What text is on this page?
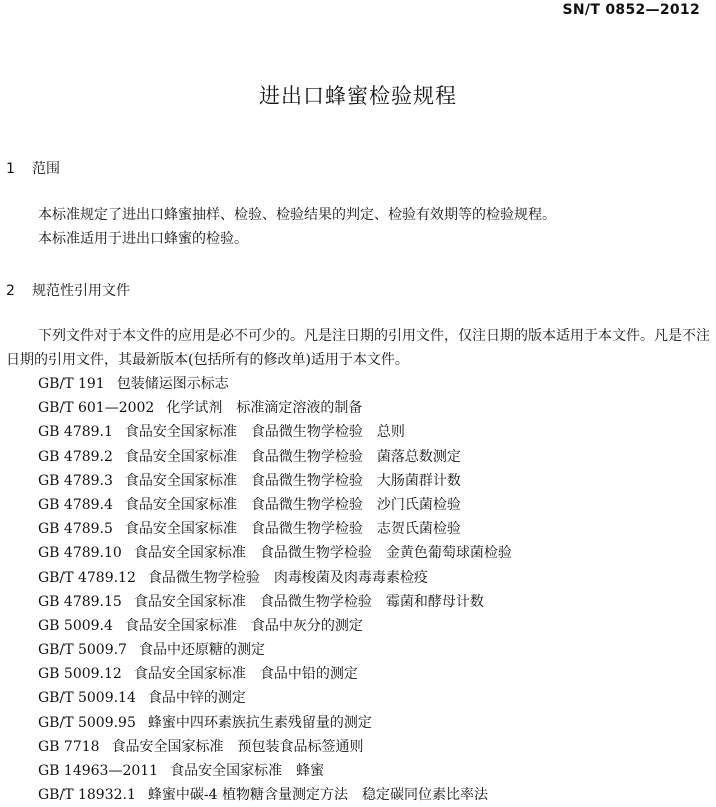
SN/T 0852—2012
进出口蜂蜜检验规程
1 范围
本标准规定了进出口蜂蜜抽样、检验、检验结果的判定、检验有效期等的检验规程。
本标准适用于进出口蜂蜜的检验。
2 规范性引用文件
下列文件对于本文件的应用是必不可少的。凡是注日期的引用文件，仅注日期的版本适用于本文件。凡是不注日期的引用文件，其最新版本(包括所有的修改单)适用于本文件。
GB/T 191 包装储运图示标志
GB/T 601—2002 化学试剂　标准滴定溶液的制备
GB 4789.1 食品安全国家标准　食品微生物学检验　总则
GB 4789.2 食品安全国家标准　食品微生物学检验　菌落总数测定
GB 4789.3 食品安全国家标准　食品微生物学检验　大肠菌群计数
GB 4789.4 食品安全国家标准　食品微生物学检验　沙门氏菌检验
GB 4789.5 食品安全国家标准　食品微生物学检验　志贺氏菌检验
GB 4789.10 食品安全国家标准　食品微生物学检验　金黄色葡萄球菌检验
GB/T 4789.12 食品微生物学检验　肉毒梭菌及肉毒毒素检疫
GB 4789.15 食品安全国家标准　食品微生物学检验　霉菌和酵母计数
GB 5009.4 食品安全国家标准　食品中灰分的测定
GB/T 5009.7 食品中还原糖的测定
GB 5009.12 食品安全国家标准　食品中铅的测定
GB/T 5009.14 食品中锌的测定
GB/T 5009.95 蜂蜜中四环素族抗生素残留量的测定
GB 7718 食品安全国家标准　预包装食品标签通则
GB 14963—2011 食品安全国家标准　蜂蜜
GB/T 18932.1 蜂蜜中碳-4 植物糖含量测定方法　稳定碳同位素比率法
